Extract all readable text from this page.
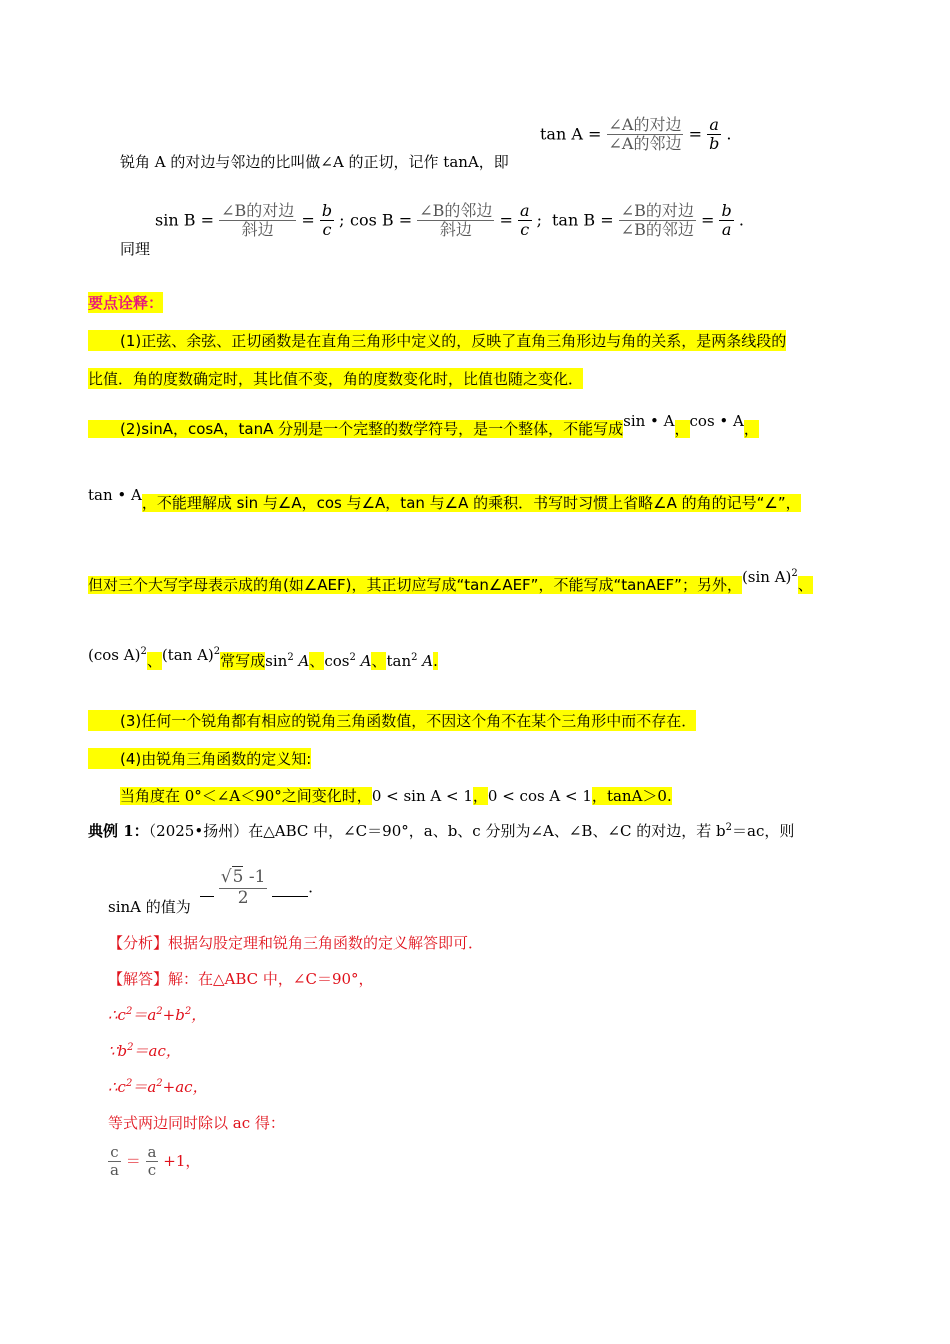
锐角 A 的对边与邻边的比叫做∠A 的正切，记作 tanA，即
$\tan A = \frac{\text{∠A的对边}}{\text{∠A的邻边}} = \frac{a}{b}$ .
同理
$\sin B = \frac{\text{∠B的对边}}{\text{斜边}} = \frac{b}{c}$ ; $\cos B = \frac{\text{∠B的邻边}}{\text{斜边}} = \frac{a}{c}$ ; $\tan B = \frac{\text{∠B的对边}}{\text{∠B的邻边}} = \frac{b}{a}$ .
要点诠释：
(1)正弦、余弦、正切函数是在直角三角形中定义的，反映了直角三角形边与角的关系，是两条线段的
比值．角的度数确定时，其比值不变，角的度数变化时，比值也随之变化．
(2)sinA，cosA，tanA 分别是一个完整的数学符号，是一个整体，不能写成sin • A，cos • A，
tan • A，不能理解成 sin 与∠A，cos 与∠A，tan 与∠A 的乘积．书写时习惯上省略∠A 的角的记号“∠”，
但对三个大写字母表示成的角(如∠AEF)，其正切应写成“tan∠AEF”，不能写成“tanAEF”；另外，(sin A)$^2$、
(cos A)$^2$、(tan A)$^2$常写成$\sin^2 A$、$\cos^2 A$、$\tan^2 A$.
(3)任何一个锐角都有相应的锐角三角函数值，不因这个角不在某个三角形中而不存在．
(4)由锐角三角函数的定义知:
当角度在 0°＜∠A＜90°之间变化时，0 < sin A < 1，0 < cos A < 1，tanA＞0.
典例 1：（2025•扬州）在△ABC 中，∠C＝90°，a、b、c 分别为∠A、∠B、∠C 的对边，若 $b^2=ac$，则
sinA 的值为
$\frac{√5 -1}{2}$	．
【分析】根据勾股定理和锐角三角函数的定义解答即可．
【解答】解：在△ABC 中，∠C＝90°，
$\therefore c^2=a^2+b^2$，
$\because b^2=ac$，
$\therefore c^2=a^2+ac$，
等式两边同时除以 ac 得：
$\frac{c}{a} = \frac{a}{c} +1$，
